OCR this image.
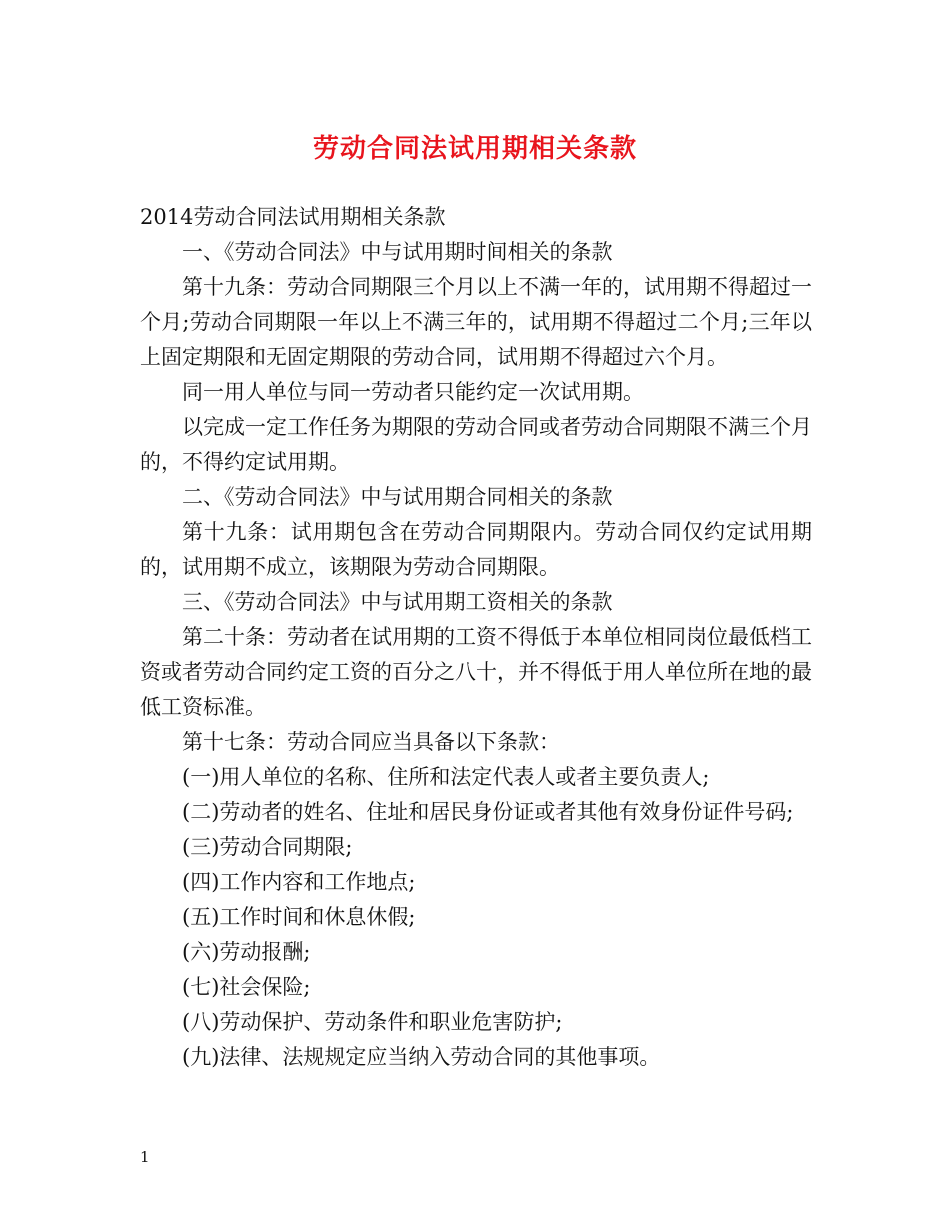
劳动合同法试用期相关条款

2014劳动合同法试用期相关条款

一、《劳动合同法》中与试用期时间相关的条款

第十九条：劳动合同期限三个月以上不满一年的，试用期不得超过一个月;劳动合同期限一年以上不满三年的，试用期不得超过二个月;三年以上固定期限和无固定期限的劳动合同，试用期不得超过六个月。

同一用人单位与同一劳动者只能约定一次试用期。

以完成一定工作任务为期限的劳动合同或者劳动合同期限不满三个月的，不得约定试用期。

二、《劳动合同法》中与试用期合同相关的条款

第十九条：试用期包含在劳动合同期限内。劳动合同仅约定试用期的，试用期不成立，该期限为劳动合同期限。

三、《劳动合同法》中与试用期工资相关的条款

第二十条：劳动者在试用期的工资不得低于本单位相同岗位最低档工资或者劳动合同约定工资的百分之八十，并不得低于用人单位所在地的最低工资标准。

第十七条：劳动合同应当具备以下条款：

(一)用人单位的名称、住所和法定代表人或者主要负责人;

(二)劳动者的姓名、住址和居民身份证或者其他有效身份证件号码;

(三)劳动合同期限;

(四)工作内容和工作地点;

(五)工作时间和休息休假;

(六)劳动报酬;

(七)社会保险;

(八)劳动保护、劳动条件和职业危害防护;

(九)法律、法规规定应当纳入劳动合同的其他事项。

1
